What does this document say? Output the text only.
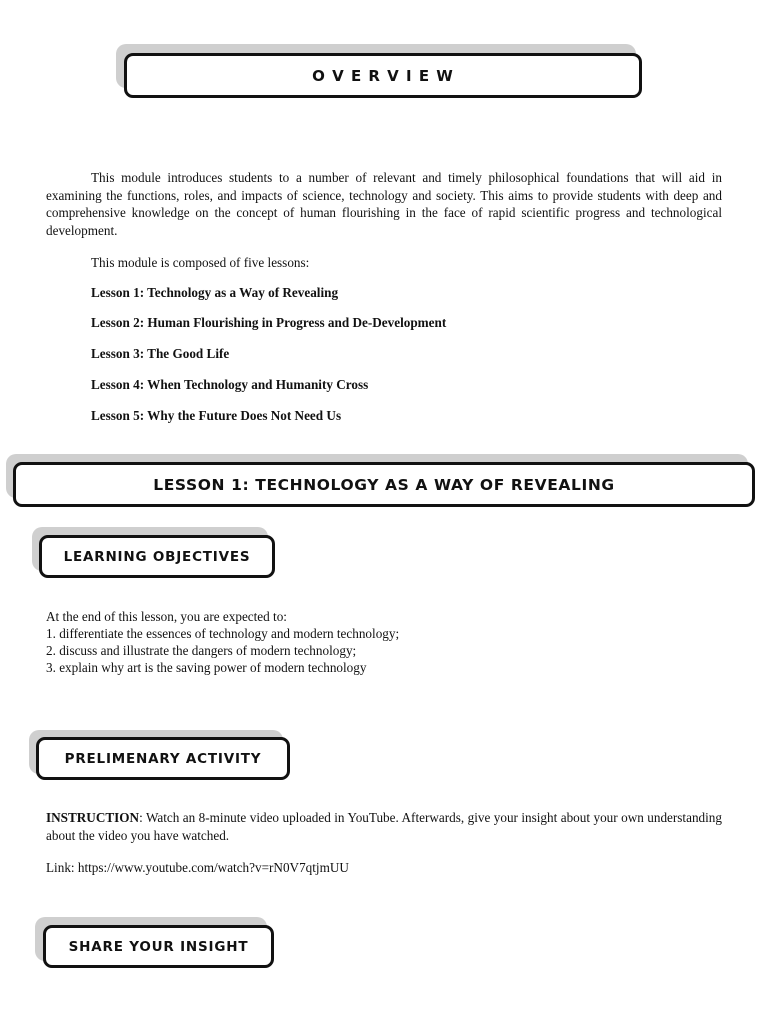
O V E R V I E W
This module introduces students to a number of relevant and timely philosophical foundations that will aid in examining the functions, roles, and impacts of science, technology and society. This aims to provide students with deep and comprehensive knowledge on the concept of human flourishing in the face of rapid scientific progress and technological development.
This module is composed of five lessons:
Lesson 1: Technology as a Way of Revealing
Lesson 2: Human Flourishing in Progress and De-Development
Lesson 3: The Good Life
Lesson 4: When Technology and Humanity Cross
Lesson 5: Why the Future Does Not Need Us
LESSON 1: TECHNOLOGY AS A WAY OF REVEALING
LEARNING OBJECTIVES
At the end of this lesson, you are expected to:
1. differentiate the essences of technology and modern technology;
2. discuss and illustrate the dangers of modern technology;
3. explain why art is the saving power of modern technology
PRELIMENARY ACTIVITY
INSTRUCTION: Watch an 8-minute video uploaded in YouTube. Afterwards, give your insight about your own understanding about the video you have watched.
Link: https://www.youtube.com/watch?v=rN0V7qtjmUU
SHARE YOUR INSIGHT
